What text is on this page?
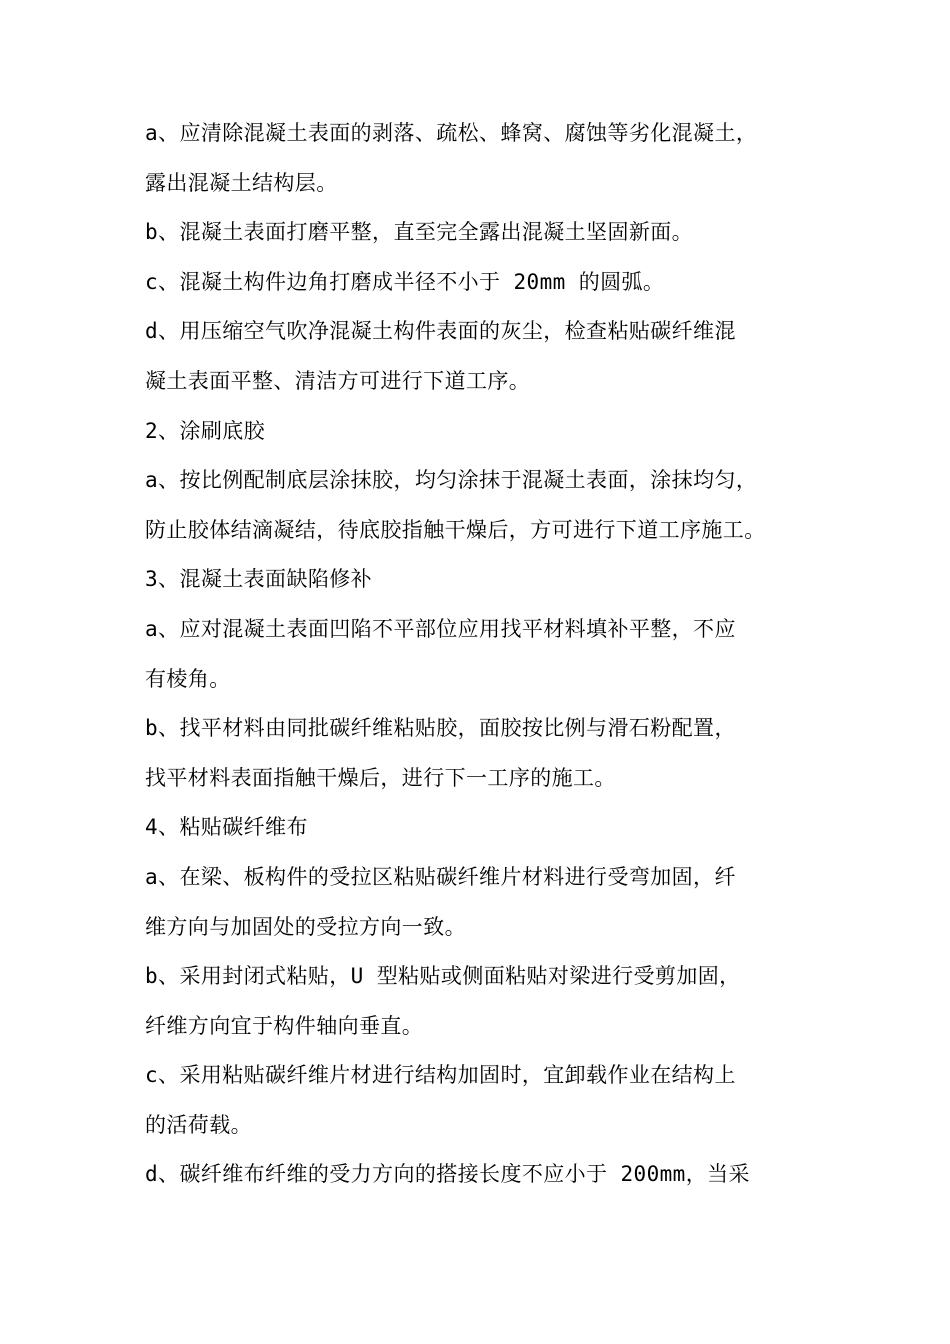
a、应清除混凝土表面的剥落、疏松、蜂窝、腐蚀等劣化混凝土，

露出混凝土结构层。

b、混凝土表面打磨平整，直至完全露出混凝土坚固新面。

c、混凝土构件边角打磨成半径不小于 20mm 的圆弧。

d、用压缩空气吹净混凝土构件表面的灰尘，检查粘贴碳纤维混

凝土表面平整、清洁方可进行下道工序。

2、涂刷底胶

a、按比例配制底层涂抹胶，均匀涂抹于混凝土表面，涂抹均匀，

防止胶体结滴凝结，待底胶指触干燥后，方可进行下道工序施工。

3、混凝土表面缺陷修补

a、应对混凝土表面凹陷不平部位应用找平材料填补平整，不应

有棱角。

b、找平材料由同批碳纤维粘贴胶，面胶按比例与滑石粉配置，

找平材料表面指触干燥后，进行下一工序的施工。

4、粘贴碳纤维布

a、在梁、板构件的受拉区粘贴碳纤维片材料进行受弯加固，纤

维方向与加固处的受拉方向一致。

b、采用封闭式粘贴，U 型粘贴或侧面粘贴对梁进行受剪加固，

纤维方向宜于构件轴向垂直。

c、采用粘贴碳纤维片材进行结构加固时，宜卸载作业在结构上

的活荷载。

d、碳纤维布纤维的受力方向的搭接长度不应小于 200mm，当采
